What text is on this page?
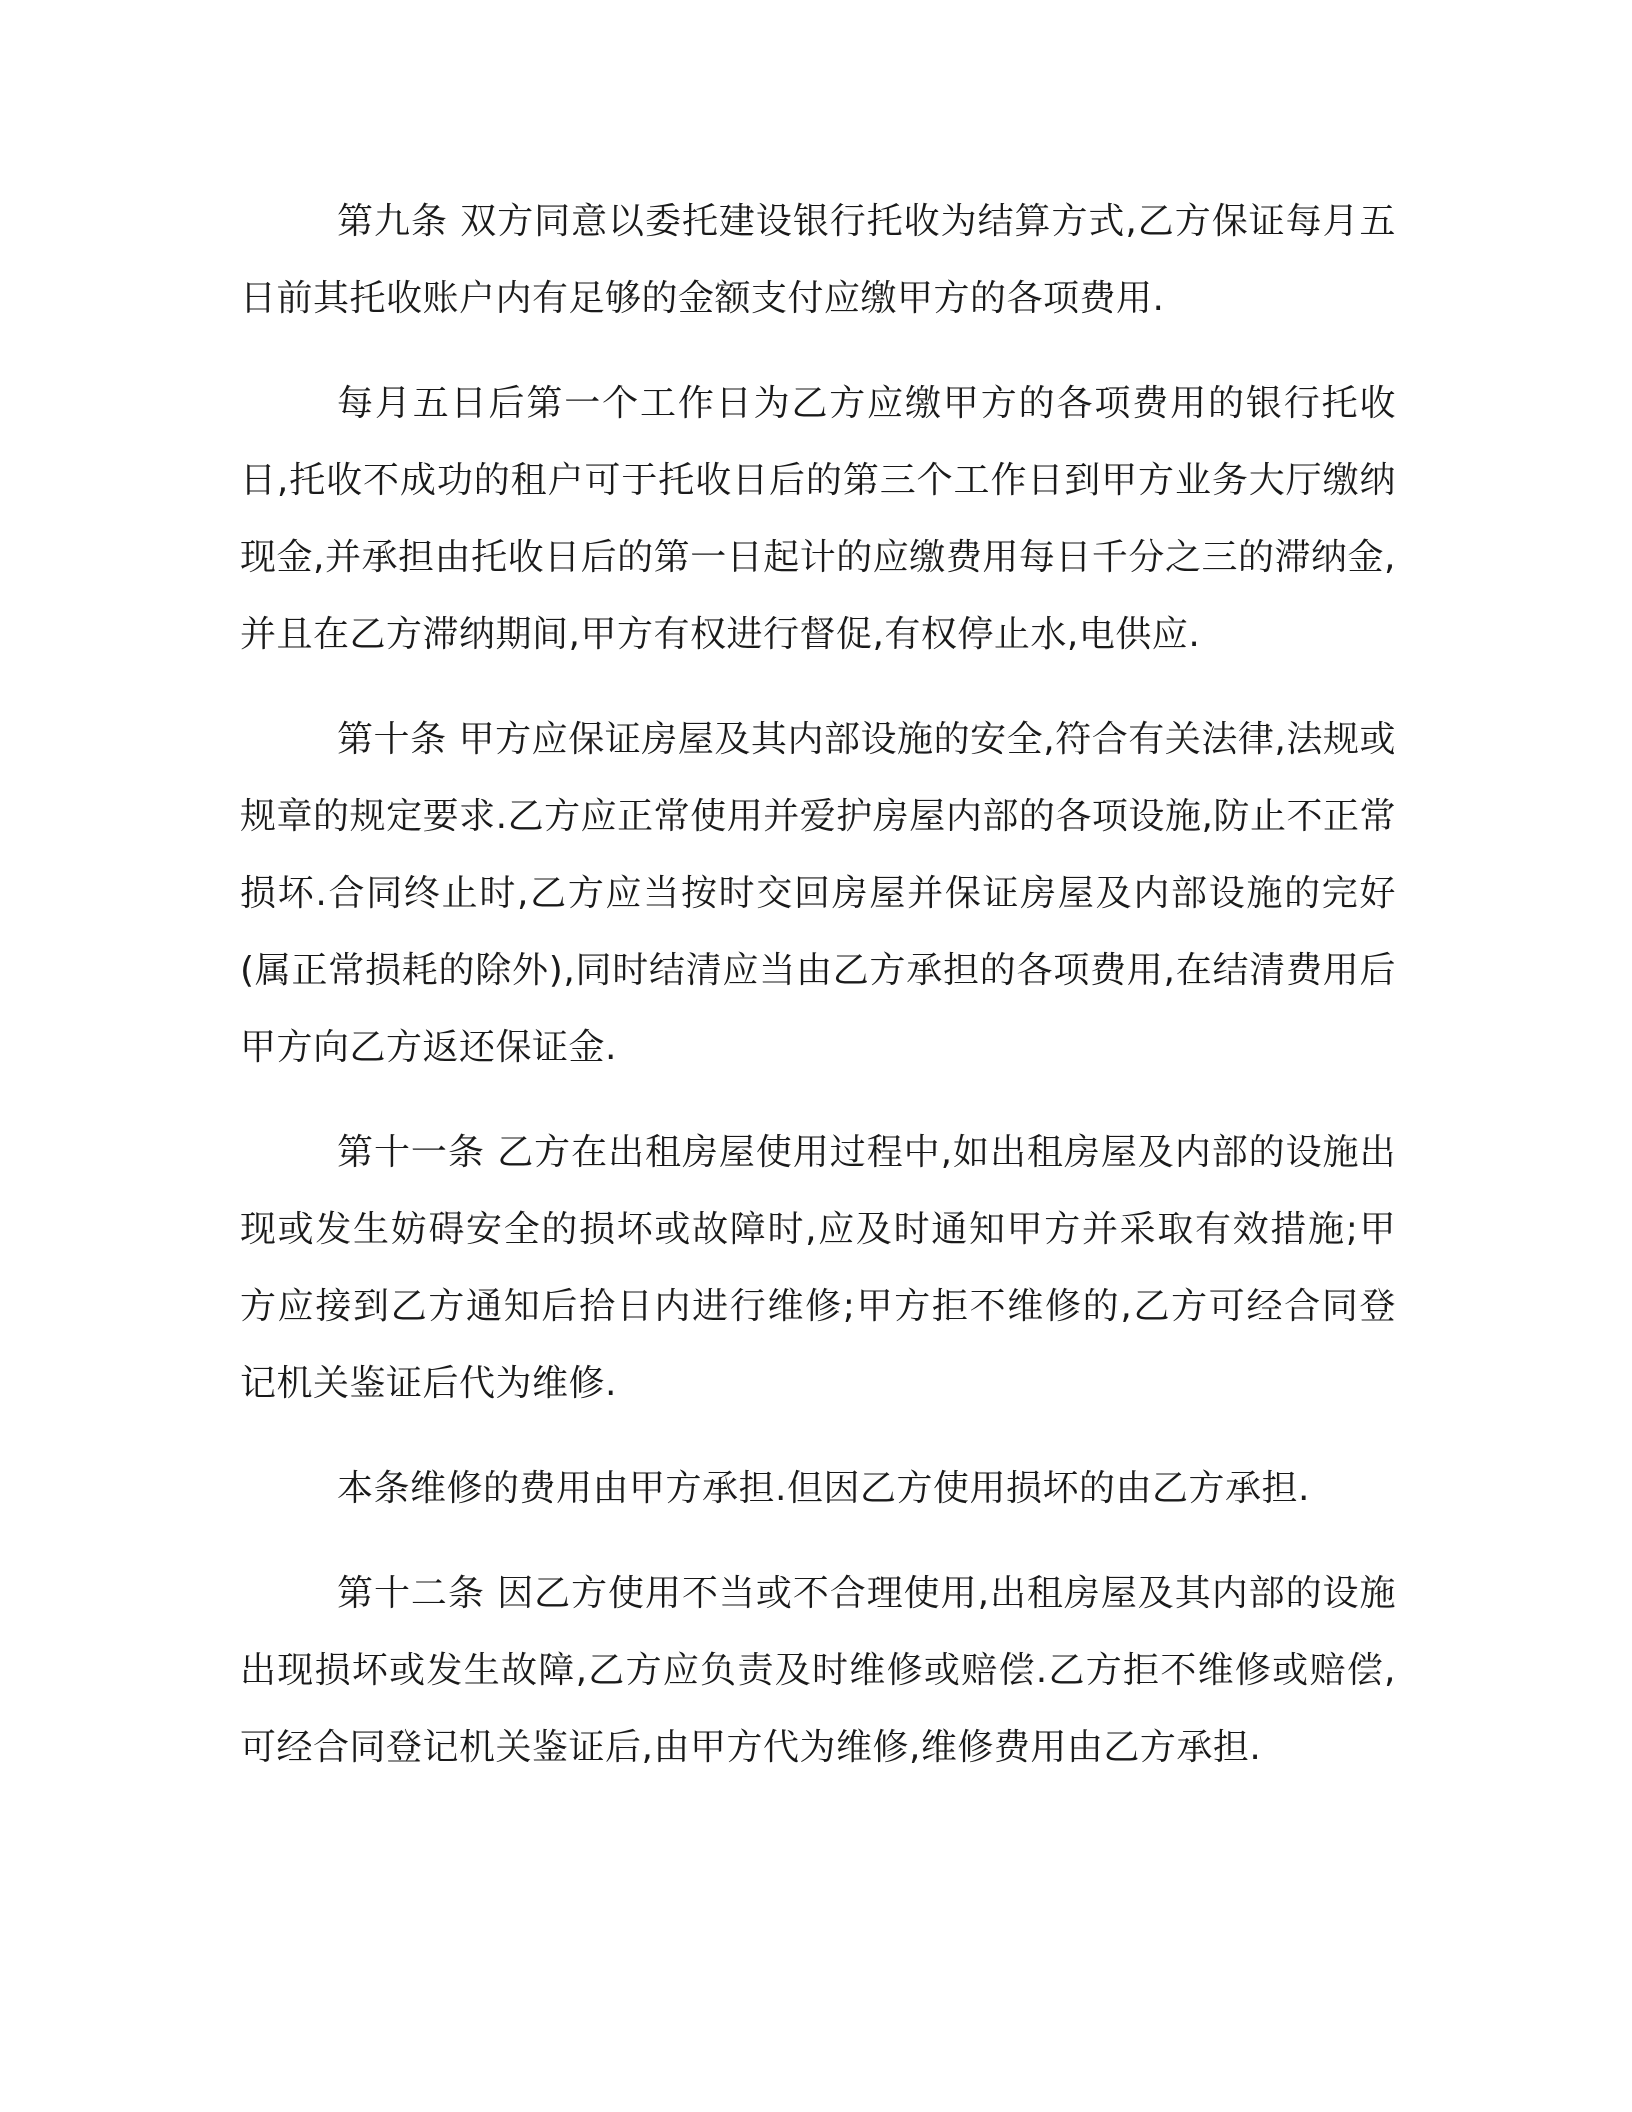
第九条 双方同意以委托建设银行托收为结算方式,乙方保证每月五日前其托收账户内有足够的金额支付应缴甲方的各项费用.

每月五日后第一个工作日为乙方应缴甲方的各项费用的银行托收日,托收不成功的租户可于托收日后的第三个工作日到甲方业务大厅缴纳现金,并承担由托收日后的第一日起计的应缴费用每日千分之三的滞纳金,并且在乙方滞纳期间,甲方有权进行督促,有权停止水,电供应.

第十条 甲方应保证房屋及其内部设施的安全,符合有关法律,法规或规章的规定要求.乙方应正常使用并爱护房屋内部的各项设施,防止不正常损坏.合同终止时,乙方应当按时交回房屋并保证房屋及内部设施的完好(属正常损耗的除外),同时结清应当由乙方承担的各项费用,在结清费用后甲方向乙方返还保证金.

第十一条 乙方在出租房屋使用过程中,如出租房屋及内部的设施出现或发生妨碍安全的损坏或故障时,应及时通知甲方并采取有效措施;甲方应接到乙方通知后拾日内进行维修;甲方拒不维修的,乙方可经合同登记机关鉴证后代为维修.

本条维修的费用由甲方承担.但因乙方使用损坏的由乙方承担.

第十二条 因乙方使用不当或不合理使用,出租房屋及其内部的设施出现损坏或发生故障,乙方应负责及时维修或赔偿.乙方拒不维修或赔偿,可经合同登记机关鉴证后,由甲方代为维修,维修费用由乙方承担.
